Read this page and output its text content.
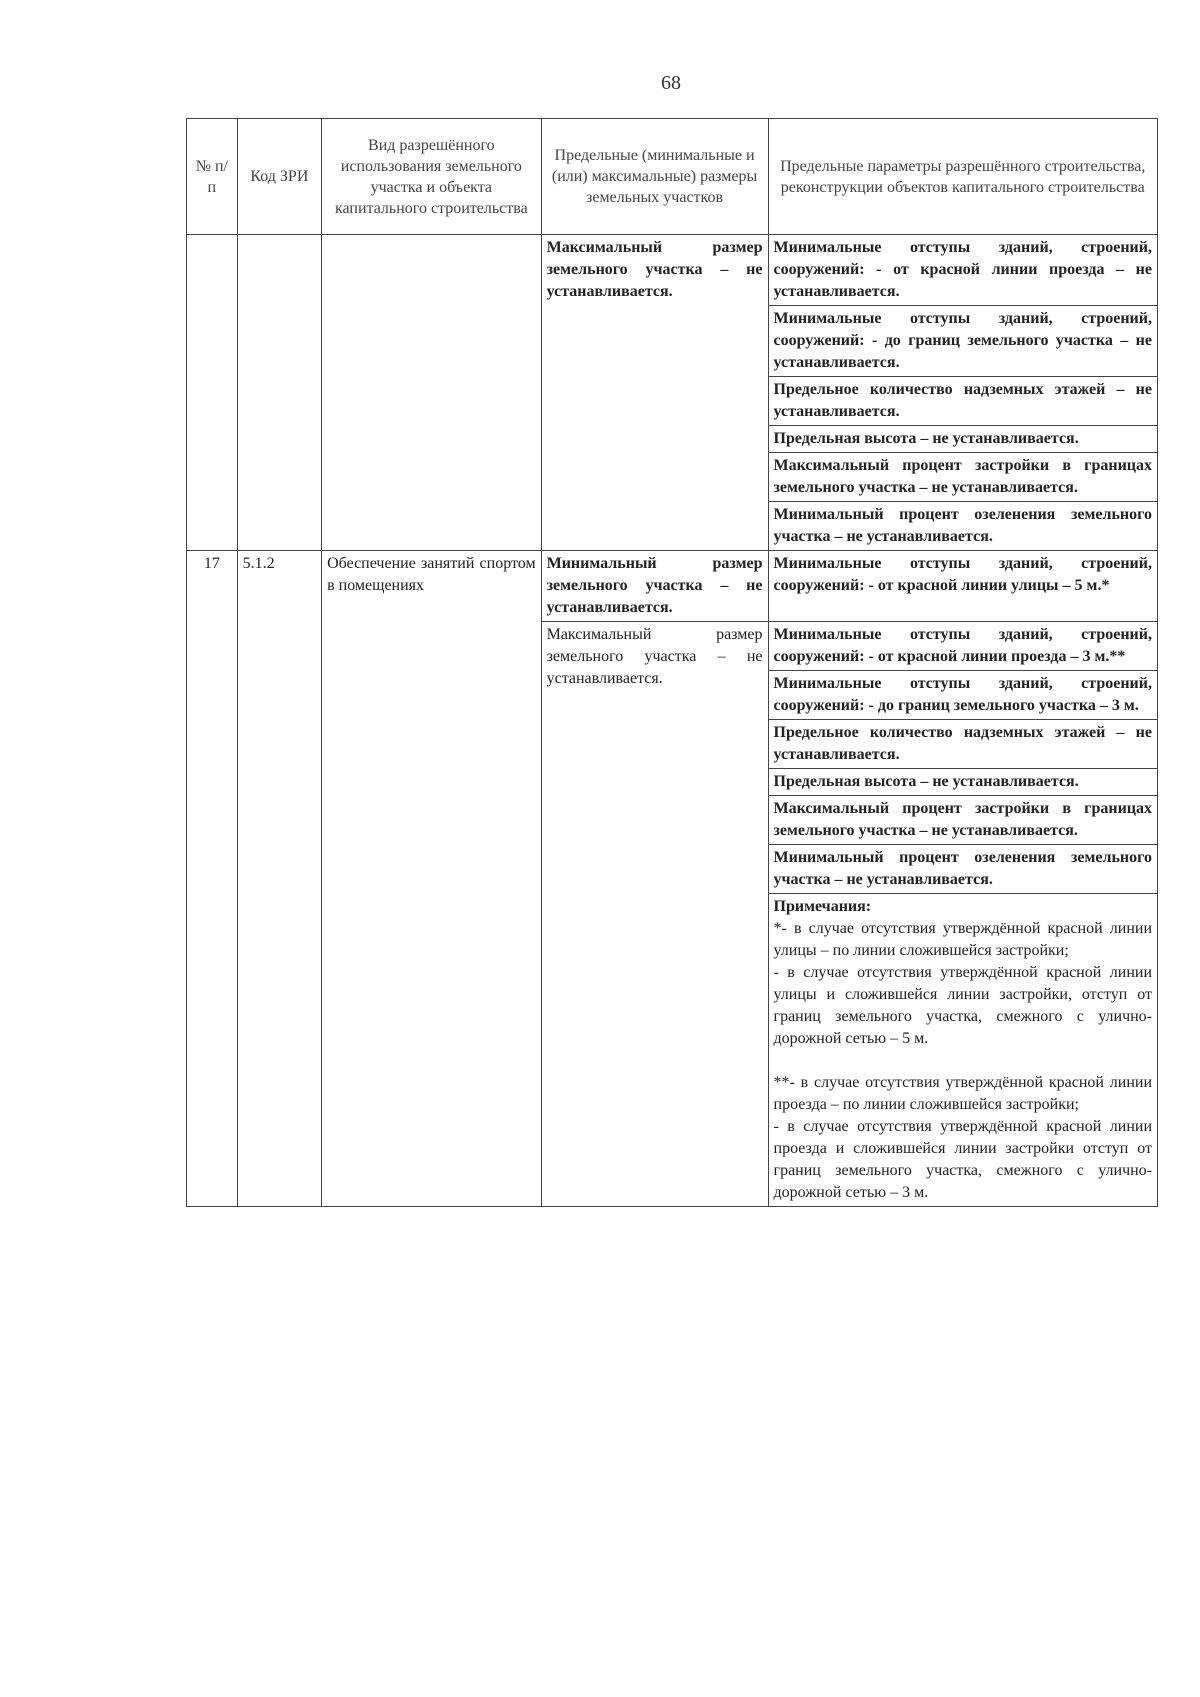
68
№ п/п	Код ЗРИ	Вид разрешённого использования земельного участка и объекта капитального строительства	Предельные (минимальные и (или) максимальные) размеры земельных участков	Предельные параметры разрешённого строительства, реконструкции объектов капитального строительства
			Максимальный размер земельного участка – не устанавливается.	Минимальные отступы зданий, строений, сооружений: - от красной линии проезда – не устанавливается.
				Минимальные отступы зданий, строений, сооружений: - до границ земельного участка – не устанавливается.
				Предельное количество надземных этажей – не устанавливается.
				Предельная высота – не устанавливается.
				Максимальный процент застройки в границах земельного участка – не устанавливается.
				Минимальный процент озеленения земельного участка – не устанавливается.
17	5.1.2	Обеспечение занятий спортом в помещениях	Минимальный размер земельного участка – не устанавливается.	Минимальные отступы зданий, строений, сооружений: - от красной линии улицы – 5 м.*
			Максимальный размер земельного участка – не устанавливается.	Минимальные отступы зданий, строений, сооружений: - от красной линии проезда – 3 м.**
				Минимальные отступы зданий, строений, сооружений: - до границ земельного участка – 3 м.
				Предельное количество надземных этажей – не устанавливается.
				Предельная высота – не устанавливается.
				Максимальный процент застройки в границах земельного участка – не устанавливается.
				Минимальный процент озеленения земельного участка – не устанавливается.

				Примечания:

*- в случае отсутствия утверждённой красной линии улицы – по линии сложившейся застройки;

- в случае отсутствия утверждённой красной линии улицы и сложившейся линии застройки, отступ от границ земельного участка, смежного с улично-дорожной сетью – 5 м.

**- в случае отсутствия утверждённой красной линии проезда – по линии сложившейся застройки;

- в случае отсутствия утверждённой красной линии проезда и сложившейся линии застройки отступ от границ земельного участка, смежного с улично-дорожной сетью – 3 м.
